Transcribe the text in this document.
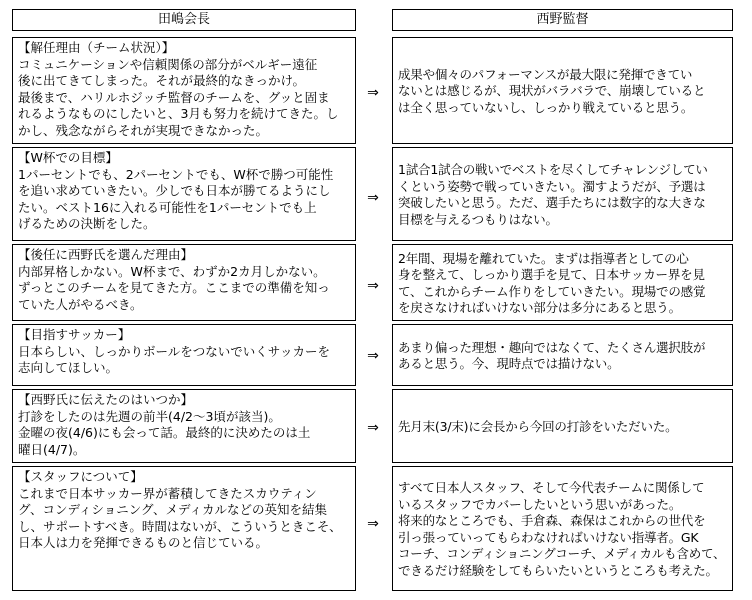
田嶋会長	西野監督
【解任理由（チーム状況）】
コミュニケーションや信頼関係の部分がベルギー遠征
後に出てきてしまった。それが最終的なきっかけ。
最後まで、ハリルホジッチ監督のチームを、グッと固ま
れるようなものにしたいと、3月も努力を続けてきた。し
かし、残念ながらそれが実現できなかった。
⇒
成果や個々のパフォーマンスが最大限に発揮できてい
ないとは感じるが、現状がバラバラで、崩壊していると
は全く思っていないし、しっかり戦えていると思う。
【W杯での目標】
1パーセントでも、2パーセントでも、W杯で勝つ可能性
を追い求めていきたい。少しでも日本が勝てるようにし
たい。ベスト16に入れる可能性を1パーセントでも上
げるための決断をした。
⇒
1試合1試合の戦いでベストを尽くしてチャレンジしてい
くという姿勢で戦っていきたい。濁すようだが、予選は
突破したいと思う。ただ、選手たちには数字的な大きな
目標を与えるつもりはない。
【後任に西野氏を選んだ理由】
内部昇格しかない。W杯まで、わずか2カ月しかない。
ずっとこのチームを見てきた方。ここまでの準備を知っ
ていた人がやるべき。
⇒
2年間、現場を離れていた。まずは指導者としての心
身を整えて、しっかり選手を見て、日本サッカー界を見
て、これからチーム作りをしていきたい。現場での感覚
を戻さなければいけない部分は多分にあると思う。
【目指すサッカー】
日本らしい、しっかりボールをつないでいくサッカーを
志向してほしい。
⇒
あまり偏った理想・趣向ではなくて、たくさん選択肢が
あると思う。今、現時点では描けない。
【西野氏に伝えたのはいつか】
打診をしたのは先週の前半(4/2～3頃が該当)。
金曜の夜(4/6)にも会って話。最終的に決めたのは土
曜日(4/7)。
⇒	先月末(3/末)に会長から今回の打診をいただいた。
【スタッフについて】
これまで日本サッカー界が蓄積してきたスカウティン
グ、コンディショニング、メディカルなどの英知を結集
し、サポートすべき。時間はないが、こういうときこそ、
日本人は力を発揮できるものと信じている。
⇒
すべて日本人スタッフ、そして今代表チームに関係して
いるスタッフでカバーしたいという思いがあった。
将来的なところでも、手倉森、森保はこれからの世代を
引っ張っていってもらわなければいけない指導者。GK
コーチ、コンディショニングコーチ、メディカルも含めて、
できるだけ経験をしてもらいたいというところも考えた。
